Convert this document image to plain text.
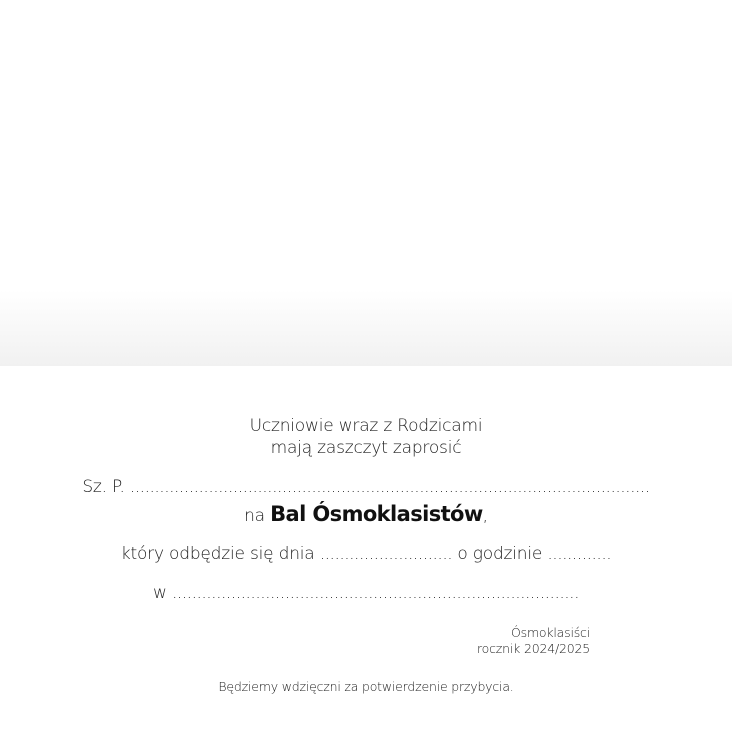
Uczniowie wraz z Rodzicami
mają zaszczyt zaprosić
Sz. P. ..........................................................................................................
na Bal Ósmoklasistów,
który odbędzie się dnia ........................... o godzinie .............
w ...................................................................................
Ósmoklasiści
rocznik 2024/2025
Będziemy wdzięczni za potwierdzenie przybycia.
